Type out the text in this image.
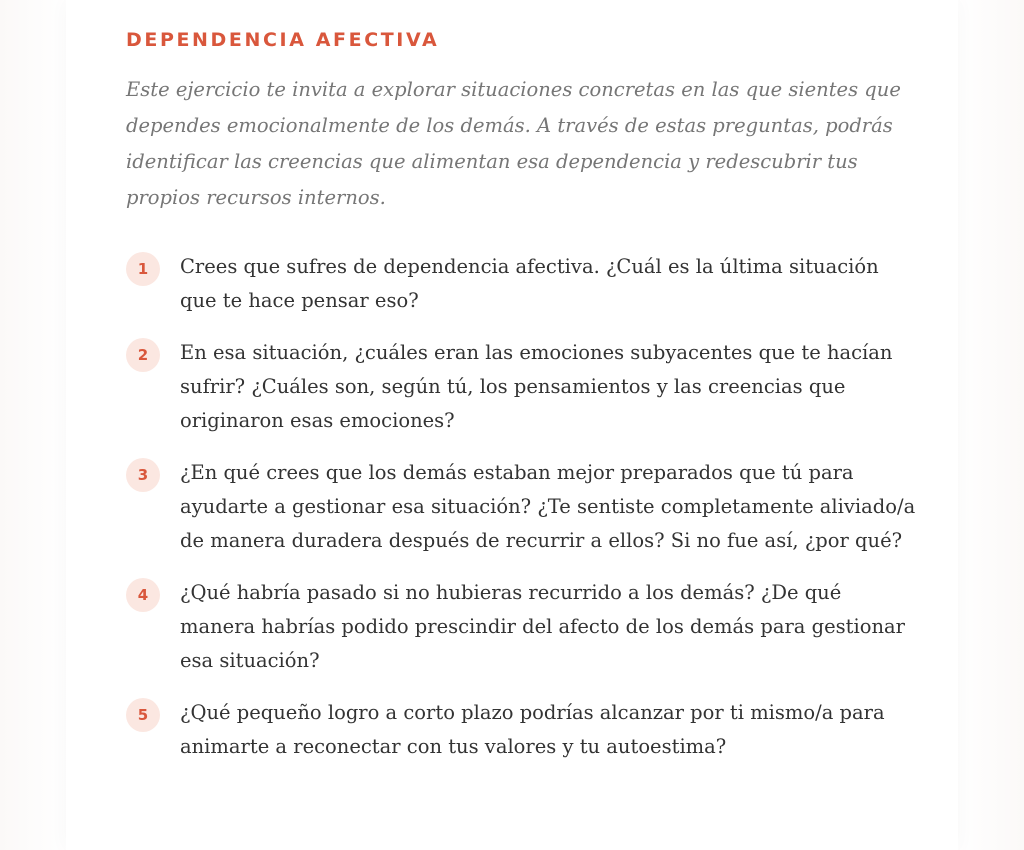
DEPENDENCIA AFECTIVA

Este ejercicio te invita a explorar situaciones concretas en las que sientes que dependes emocionalmente de los demás. A través de estas preguntas, podrás identificar las creencias que alimentan esa dependencia y redescubrir tus propios recursos internos.

1	Crees que sufres de dependencia afectiva. ¿Cuál es la última situación que te hace pensar eso?
2	En esa situación, ¿cuáles eran las emociones subyacentes que te hacían sufrir? ¿Cuáles son, según tú, los pensamientos y las creencias que originaron esas emociones?
3	¿En qué crees que los demás estaban mejor preparados que tú para ayudarte a gestionar esa situación? ¿Te sentiste completamente aliviado/a de manera duradera después de recurrir a ellos? Si no fue así, ¿por qué?
4	¿Qué habría pasado si no hubieras recurrido a los demás? ¿De qué manera habrías podido prescindir del afecto de los demás para gestionar esa situación?
5	¿Qué pequeño logro a corto plazo podrías alcanzar por ti mismo/a para animarte a reconectar con tus valores y tu autoestima?
